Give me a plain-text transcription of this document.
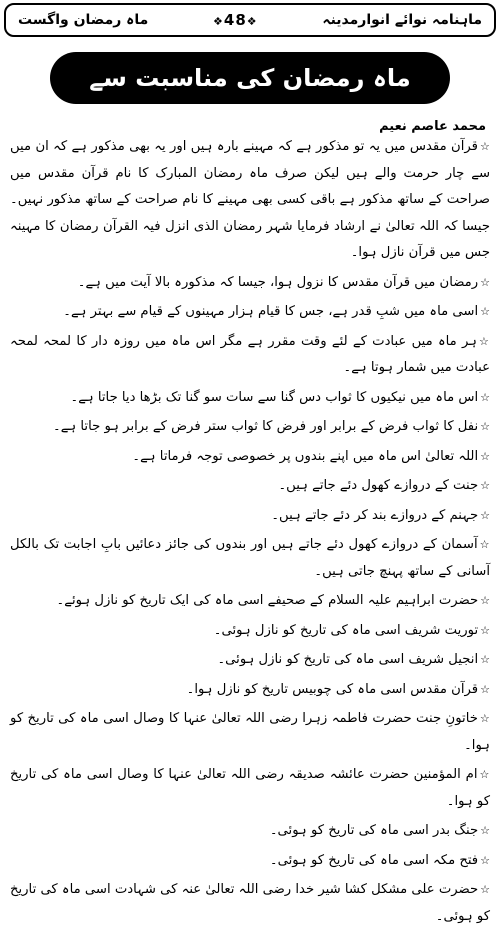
ماہنامہ نوائے انوارمدینہ
❖48❖
ماہ رمضان واگست
ماہ رمضان کی مناسبت سے تاریخی واقعات	محمد عاصم نعیم

☆قرآن مقدس میں یہ تو مذکور ہے کہ مہینے بارہ ہیں اور یہ بھی مذکور ہے کہ ان میں سے چار حرمت والے ہیں لیکن صرف ماہ رمضان المبارک کا نام قرآن مقدس میں صراحت کے ساتھ مذکور ہے باقی کسی بھی مہینے کا نام صراحت کے ساتھ مذکور نہیں۔ جیسا کہ اللہ تعالیٰ نے ارشاد فرمایا شہر رمضان الذی انزل فیہ القرآن رمضان کا مہینہ جس میں قرآن نازل ہوا۔

☆رمضان میں قرآن مقدس کا نزول ہوا، جیسا کہ مذکورہ بالا آیت میں ہے۔

☆اسی ماہ میں شبِ قدر ہے، جس کا قیام ہزار مہینوں کے قیام سے بہتر ہے۔

☆ہر ماہ میں عبادت کے لئے وقت مقرر ہے مگر اس ماہ میں روزہ دار کا لمحہ لمحہ عبادت میں شمار ہوتا ہے۔

☆اس ماہ میں نیکیوں کا ثواب دس گنا سے سات سو گنا تک بڑھا دیا جاتا ہے۔

☆نفل کا ثواب فرض کے برابر اور فرض کا ثواب ستر فرض کے برابر ہو جاتا ہے۔

☆اللہ تعالیٰ اس ماہ میں اپنے بندوں پر خصوصی توجہ فرماتا ہے۔

☆جنت کے دروازے کھول دئے جاتے ہیں۔

☆جہنم کے دروازے بند کر دئے جاتے ہیں۔

☆آسمان کے دروازے کھول دئے جاتے ہیں اور بندوں کی جائز دعائیں بابِ اجابت تک بالکل آسانی کے ساتھ پہنچ جاتی ہیں۔

☆حضرت ابراہیم علیہ السلام کے صحیفے اسی ماہ کی ایک تاریخ کو نازل ہوئے۔

☆توریت شریف اسی ماہ کی تاریخ کو نازل ہوئی۔

☆انجیل شریف اسی ماہ کی تاریخ کو نازل ہوئی۔

☆قرآن مقدس اسی ماہ کی چوبیس تاریخ کو نازل ہوا۔

☆خاتونِ جنت حضرت فاطمہ زہرا رضی اللہ تعالیٰ عنہا کا وصال اسی ماہ کی تاریخ کو ہوا۔

☆ام المؤمنین حضرت عائشہ صدیقہ رضی اللہ تعالیٰ عنہا کا وصال اسی ماہ کی تاریخ کو ہوا۔

☆جنگ بدر اسی ماہ کی تاریخ کو ہوئی۔

☆فتح مکہ اسی ماہ کی تاریخ کو ہوئی۔

☆حضرت علی مشکل کشا شیر خدا رضی اللہ تعالیٰ عنہ کی شہادت اسی ماہ کی تاریخ کو ہوئی۔
